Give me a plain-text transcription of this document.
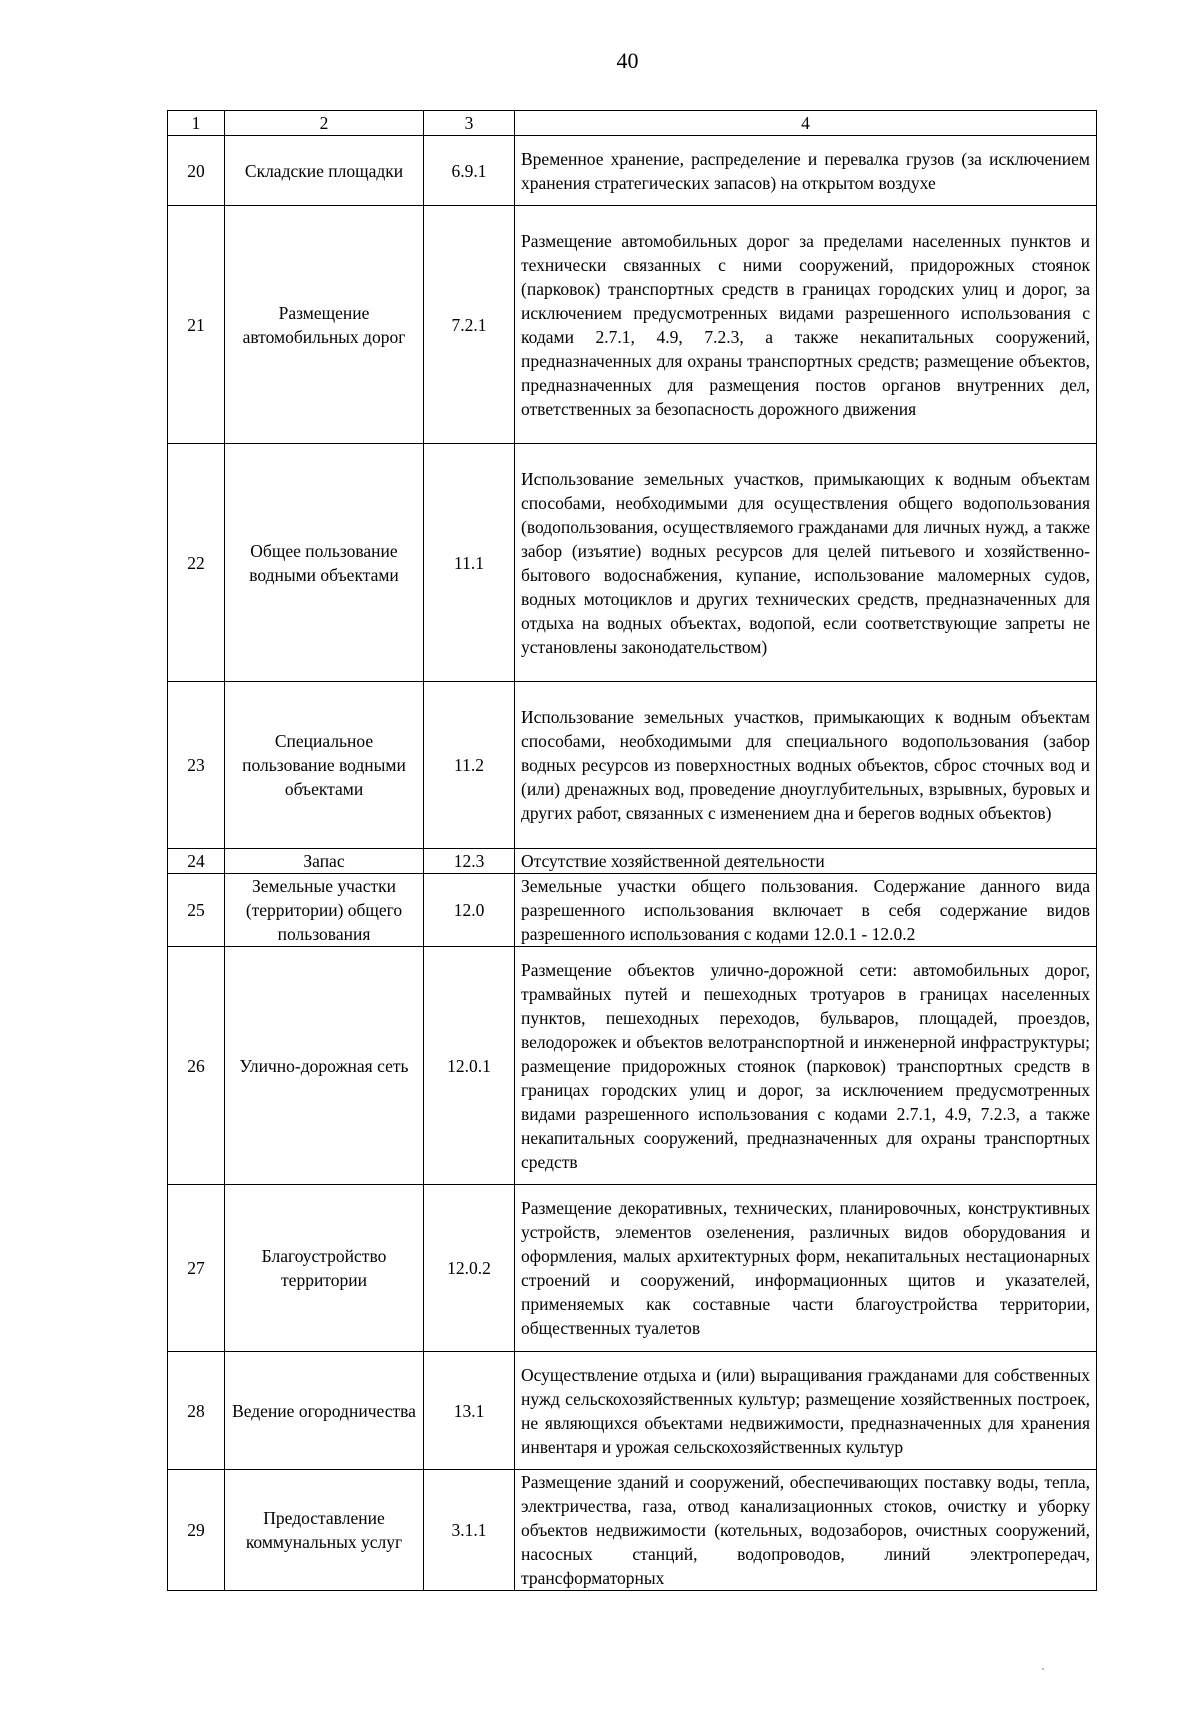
40
1	2	3	4
20	Складские площадки	6.9.1	Временное хранение, распределение и перевалка грузов (за исключением хранения стратегических запасов) на открытом воздухе
21	Размещение автомобильных дорог	7.2.1	Размещение автомобильных дорог за пределами населенных пунктов и технически связанных с ними сооружений, придорожных стоянок (парковок) транспортных средств в границах городских улиц и дорог, за исключением предусмотренных видами разрешенного использования с кодами 2.7.1, 4.9, 7.2.3, а также некапитальных сооружений, предназначенных для охраны транспортных средств; размещение объектов, предназначенных для размещения постов органов внутренних дел, ответственных за безопасность дорожного движения
22	Общее пользование водными объектами	11.1	Использование земельных участков, примыкающих к водным объектам способами, необходимыми для осуществления общего водопользования (водопользования, осуществляемого гражданами для личных нужд, а также забор (изъятие) водных ресурсов для целей питьевого и хозяйственно-бытового водоснабжения, купание, использование маломерных судов, водных мотоциклов и других технических средств, предназначенных для отдыха на водных объектах, водопой, если соответствующие запреты не установлены законодательством)
23	Специальное пользование водными объектами	11.2	Использование земельных участков, примыкающих к водным объектам способами, необходимыми для специального водопользования (забор водных ресурсов из поверхностных водных объектов, сброс сточных вод и (или) дренажных вод, проведение дноуглубительных, взрывных, буровых и других работ, связанных с изменением дна и берегов водных объектов)
24	Запас	12.3	Отсутствие хозяйственной деятельности
25	Земельные участки (территории) общего пользования	12.0	Земельные участки общего пользования. Содержание данного вида разрешенного использования включает в себя содержание видов разрешенного использования с кодами 12.0.1 - 12.0.2
26	Улично-дорожная сеть	12.0.1	Размещение объектов улично-дорожной сети: автомобильных дорог, трамвайных путей и пешеходных тротуаров в границах населенных пунктов, пешеходных переходов, бульваров, площадей, проездов, велодорожек и объектов велотранспортной и инженерной инфраструктуры; размещение придорожных стоянок (парковок) транспортных средств в границах городских улиц и дорог, за исключением предусмотренных видами разрешенного использования с кодами 2.7.1, 4.9, 7.2.3, а также некапитальных сооружений, предназначенных для охраны транспортных средств
27	Благоустройство территории	12.0.2	Размещение декоративных, технических, планировочных, конструктивных устройств, элементов озеленения, различных видов оборудования и оформления, малых архитектурных форм, некапитальных нестационарных строений и сооружений, информационных щитов и указателей, применяемых как составные части благоустройства территории, общественных туалетов
28	Ведение огородничества	13.1	Осуществление отдыха и (или) выращивания гражданами для собственных нужд сельскохозяйственных культур; размещение хозяйственных построек, не являющихся объектами недвижимости, предназначенных для хранения инвентаря и урожая сельскохозяйственных культур
29	Предоставление коммунальных услуг	3.1.1	Размещение зданий и сооружений, обеспечивающих поставку воды, тепла, электричества, газа, отвод канализационных стоков, очистку и уборку объектов недвижимости (котельных, водозаборов, очистных сооружений, насосных станций, водопроводов, линий электропередач, трансформаторных
